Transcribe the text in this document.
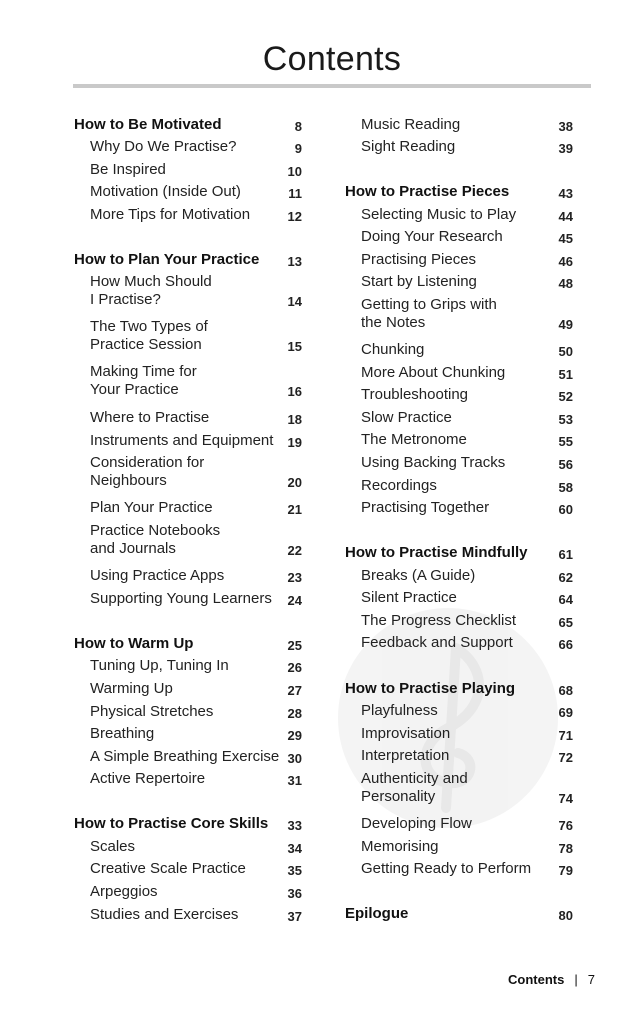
Contents
How to Be Motivated	8
Why Do We Practise?	9
Be Inspired	10
Motivation (Inside Out)	11
More Tips for Motivation	12
How to Plan Your Practice	13
How Much Should
I Practise?	14
The Two Types of
Practice Session	15
Making Time for
Your Practice	16
Where to Practise	18
Instruments and Equipment	19
Consideration for
Neighbours	20
Plan Your Practice	21
Practice Notebooks
and Journals	22
Using Practice Apps	23
Supporting Young Learners	24
How to Warm Up	25
Tuning Up, Tuning In	26
Warming Up	27
Physical Stretches	28
Breathing	29
A Simple Breathing Exercise 30
Active Repertoire	31
How to Practise Core Skills	33
Scales	34
Creative Scale Practice	35
Arpeggios	36
Studies and Exercises	37
Music Reading	38
Sight Reading	39
How to Practise Pieces	43
Selecting Music to Play	44
Doing Your Research	45
Practising Pieces	46
Start by Listening	48
Getting to Grips with
the Notes	49
Chunking	50
More About Chunking	51
Troubleshooting	52
Slow Practice	53
The Metronome	55
Using Backing Tracks	56
Recordings	58
Practising Together	60
How to Practise Mindfully	61
Breaks (A Guide)	62
Silent Practice	64
The Progress Checklist	65
Feedback and Support	66
How to Practise Playing	68
Playfulness	69
Improvisation	71
Interpretation	72
Authenticity and
Personality	74
Developing Flow	76
Memorising	78
Getting Ready to Perform	79
Epilogue	80
Contents | 7
